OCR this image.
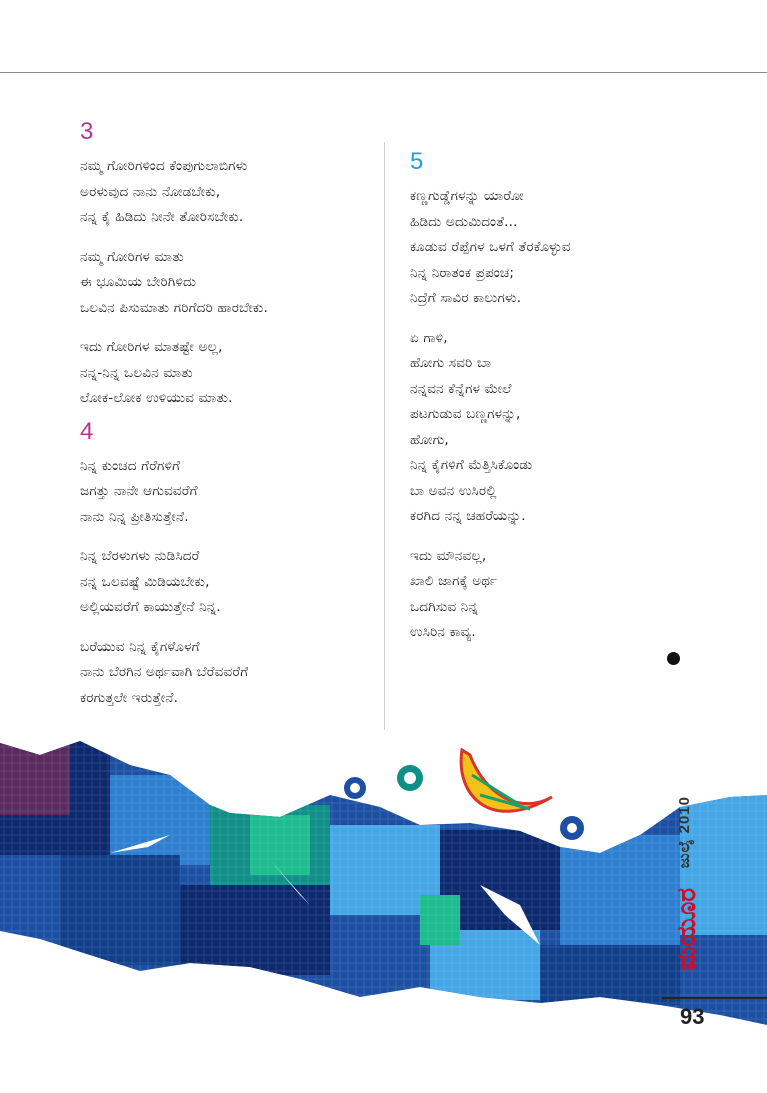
3
ನಮ್ಮ ಗೋರಿಗಳಿಂದ ಕೆಂಪುಗುಲಾಬಿಗಳು
ಅರಳುವುದ ನಾನು ನೋಡಬೇಕು,
ನನ್ನ ಕೈ ಹಿಡಿದು ನೀನೇ ತೋರಿಸಬೇಕು.
ನಮ್ಮ ಗೋರಿಗಳ ಮಾತು
ಈ ಭೂಮಿಯ ಬೇರಿಗಿಳಿದು
ಒಲವಿನ ಪಿಸುಮಾತು ಗರಿಗೆದರಿ ಹಾರಬೇಕು.
ಇದು ಗೋರಿಗಳ ಮಾತಷ್ಟೇ ಅಲ್ಲ,
ನನ್ನ-ನಿನ್ನ ಒಲವಿನ ಮಾತು
ಲೋಕ-ಲೋಕ ಉಳಿಯುವ ಮಾತು.
4
ನಿನ್ನ ಕುಂಚದ ಗೆರೆಗಳಿಗೆ
ಜಗತ್ತು ನಾನೇ ಆಗುವವರೆಗೆ
ನಾನು ನಿನ್ನ ಪ್ರೀತಿಸುತ್ತೇನೆ.
ನಿನ್ನ ಬೆರಳುಗಳು ನುಡಿಸಿದರೆ
ನನ್ನ ಒಲವಷ್ಟೆ ಮಿಡಿಯಬೇಕು,
ಅಲ್ಲಿಯವರೆಗೆ ಕಾಯುತ್ತೇನೆ ನಿನ್ನ.
ಬರೆಯುವ ನಿನ್ನ ಕೈಗಳೊಳಗೆ
ನಾನು ಬೆರಗಿನ ಅರ್ಥವಾಗಿ ಬೆರೆವವರೆಗೆ
ಕರಗುತ್ತಲೇ ಇರುತ್ತೇನೆ.
5
ಕಣ್ಣಗುಡ್ಡೆಗಳನ್ನು ಯಾರೋ
ಹಿಡಿದು ಅದುಮಿದಂತೆ...
ಕೂಡುವ ರೆಪ್ಪೆಗಳ ಒಳಗೆ ತೆರಕೊಳ್ಳುವ
ನಿನ್ನ ನಿರಾತಂಕ ಪ್ರಪಂಚ;
ನಿದ್ರೆಗೆ ಸಾವಿರ ಕಾಲುಗಳು.
ಏ ಗಾಳಿ,
ಹೋಗು ಸವರಿ ಬಾ
ನನ್ನವನ ಕೆನ್ನೆಗಳ ಮೇಲೆ
ಪಟಗುಡುವ ಬಣ್ಣಗಳನ್ನು,
ಹೋಗು,
ನಿನ್ನ ಕೈಗಳಿಗೆ ಮೆತ್ತಿಸಿಕೊಂಡು
ಬಾ ಅವನ ಉಸಿರಲ್ಲಿ
ಕರಗಿದ ನನ್ನ ಚಹರೆಯನ್ನು.
ಇದು ಮೌನವಲ್ಲ,
ಖಾಲಿ ಜಾಗಕ್ಕೆ ಅರ್ಥ
ಒದಗಿಸುವ ನಿನ್ನ
ಉಸಿರಿನ ಕಾವ್ಯ.
ಜುಲೈ 2010
ಮಯೂರ
93
